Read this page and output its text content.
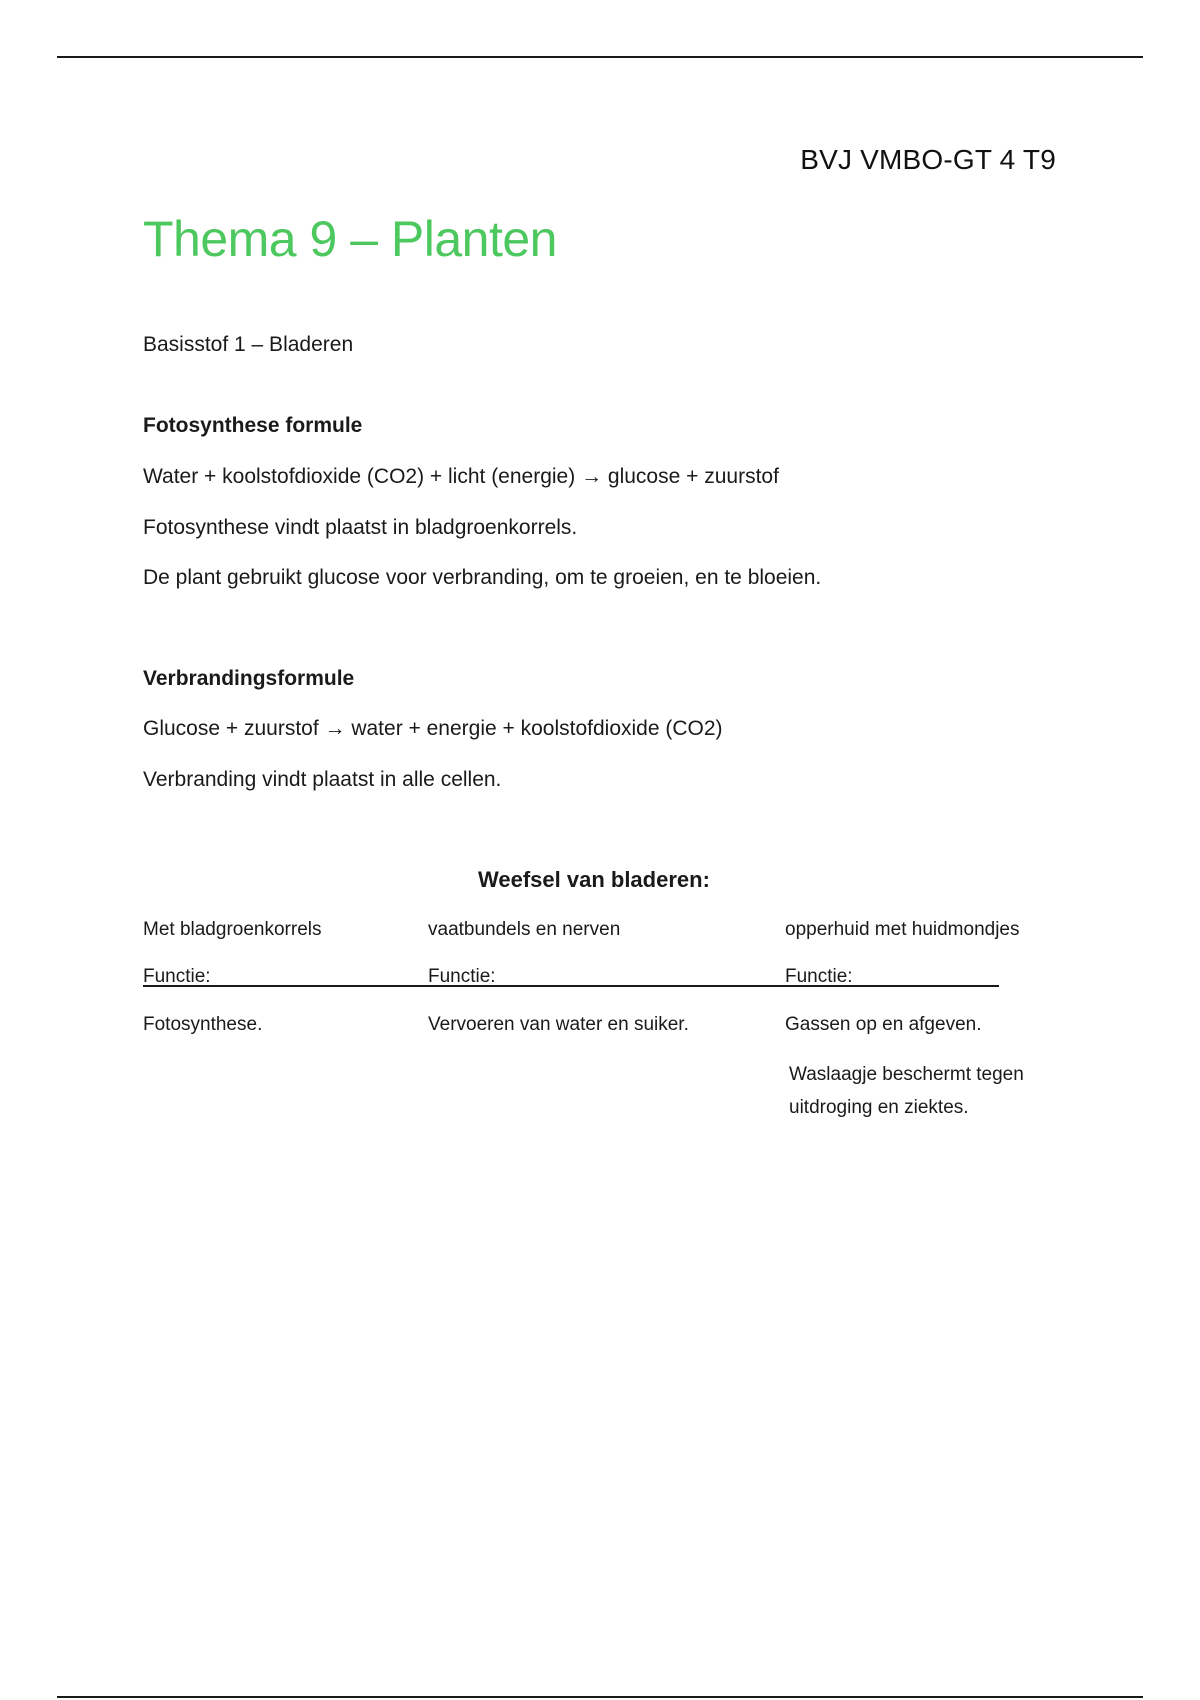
BVJ VMBO-GT 4 T9
Thema 9 – Planten
Basisstof 1 – Bladeren
Fotosynthese formule
Water + koolstofdioxide (CO2) + licht (energie) → glucose + zuurstof
Fotosynthese vindt plaatst in bladgroenkorrels.
De plant gebruikt glucose voor verbranding, om te groeien, en te bloeien.
Verbrandingsformule
Glucose + zuurstof → water + energie + koolstofdioxide (CO2)
Verbranding vindt plaatst in alle cellen.
Weefsel van bladeren:
Met bladgroenkorrels
Functie:
Fotosynthese.
vaatbundels en nerven
Functie:
Vervoeren van water en suiker.
opperhuid met huidmondjes
Functie:
Gassen op en afgeven.
Waslaagje beschermt tegen uitdroging en ziektes.
